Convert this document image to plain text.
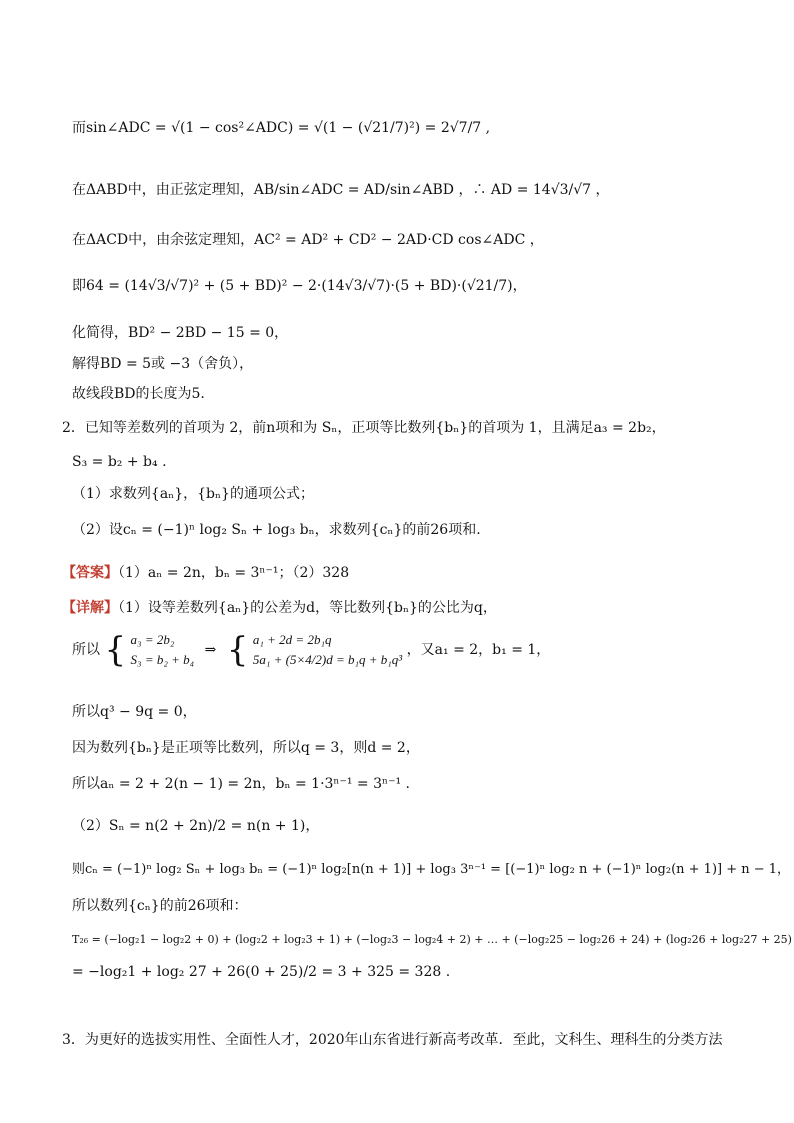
而sin∠ADC = √(1 − cos²∠ADC) = √(1 − (√21/7)²) = 2√7/7 ,
在ΔABD中，由正弦定理知，AB/sin∠ADC = AD/sin∠ABD ，∴ AD = 14√3/√7 ，
在ΔACD中，由余弦定理知，AC² = AD² + CD² − 2AD·CD cos∠ADC ，
即64 = (14√3/√7)² + (5 + BD)² − 2·(14√3/√7)·(5 + BD)·(√21/7)，
化简得，BD² − 2BD − 15 = 0，
解得BD = 5或 −3（舍负），
故线段BD的长度为5.
2．已知等差数列的首项为 2，前n项和为 Sₙ，正项等比数列{bₙ}的首项为 1，且满足a₃ = 2b₂，
S₃ = b₂ + b₄ .
（1）求数列{aₙ}，{bₙ}的通项公式；
（2）设cₙ = (−1)ⁿ log₂ Sₙ + log₃ bₙ，求数列{cₙ}的前26项和.
【答案】（1）aₙ = 2n，bₙ = 3ⁿ⁻¹；（2）328
【详解】（1）设等差数列{aₙ}的公差为d，等比数列{bₙ}的公比为q，
所以 { a₃ = 2b₂
S₃ = b₂ + b₄
⇒ { a₁ + 2d = 2b₁q
5a₁ + (5×4/2)d = b₁q + b₁q³
，又a₁ = 2，b₁ = 1，
所以q³ − 9q = 0，
因为数列{bₙ}是正项等比数列，所以q = 3，则d = 2，
所以aₙ = 2 + 2(n − 1) = 2n，bₙ = 1·3ⁿ⁻¹ = 3ⁿ⁻¹ .
（2）Sₙ = n(2 + 2n)/2 = n(n + 1)，
则cₙ = (−1)ⁿ log₂ Sₙ + log₃ bₙ = (−1)ⁿ log₂[n(n + 1)] + log₃ 3ⁿ⁻¹ = [(−1)ⁿ log₂ n + (−1)ⁿ log₂(n + 1)] + n − 1，
所以数列{cₙ}的前26项和：
T₂₆ = (−log₂1 − log₂2 + 0) + (log₂2 + log₂3 + 1) + (−log₂3 − log₂4 + 2) + … + (−log₂25 − log₂26 + 24) + (log₂26 + log₂27 + 25)
= −log₂1 + log₂ 27 + 26(0 + 25)/2 = 3 + 325 = 328 .
3．为更好的选拔实用性、全面性人才，2020年山东省进行新高考改革．至此，文科生、理科生的分类方法
